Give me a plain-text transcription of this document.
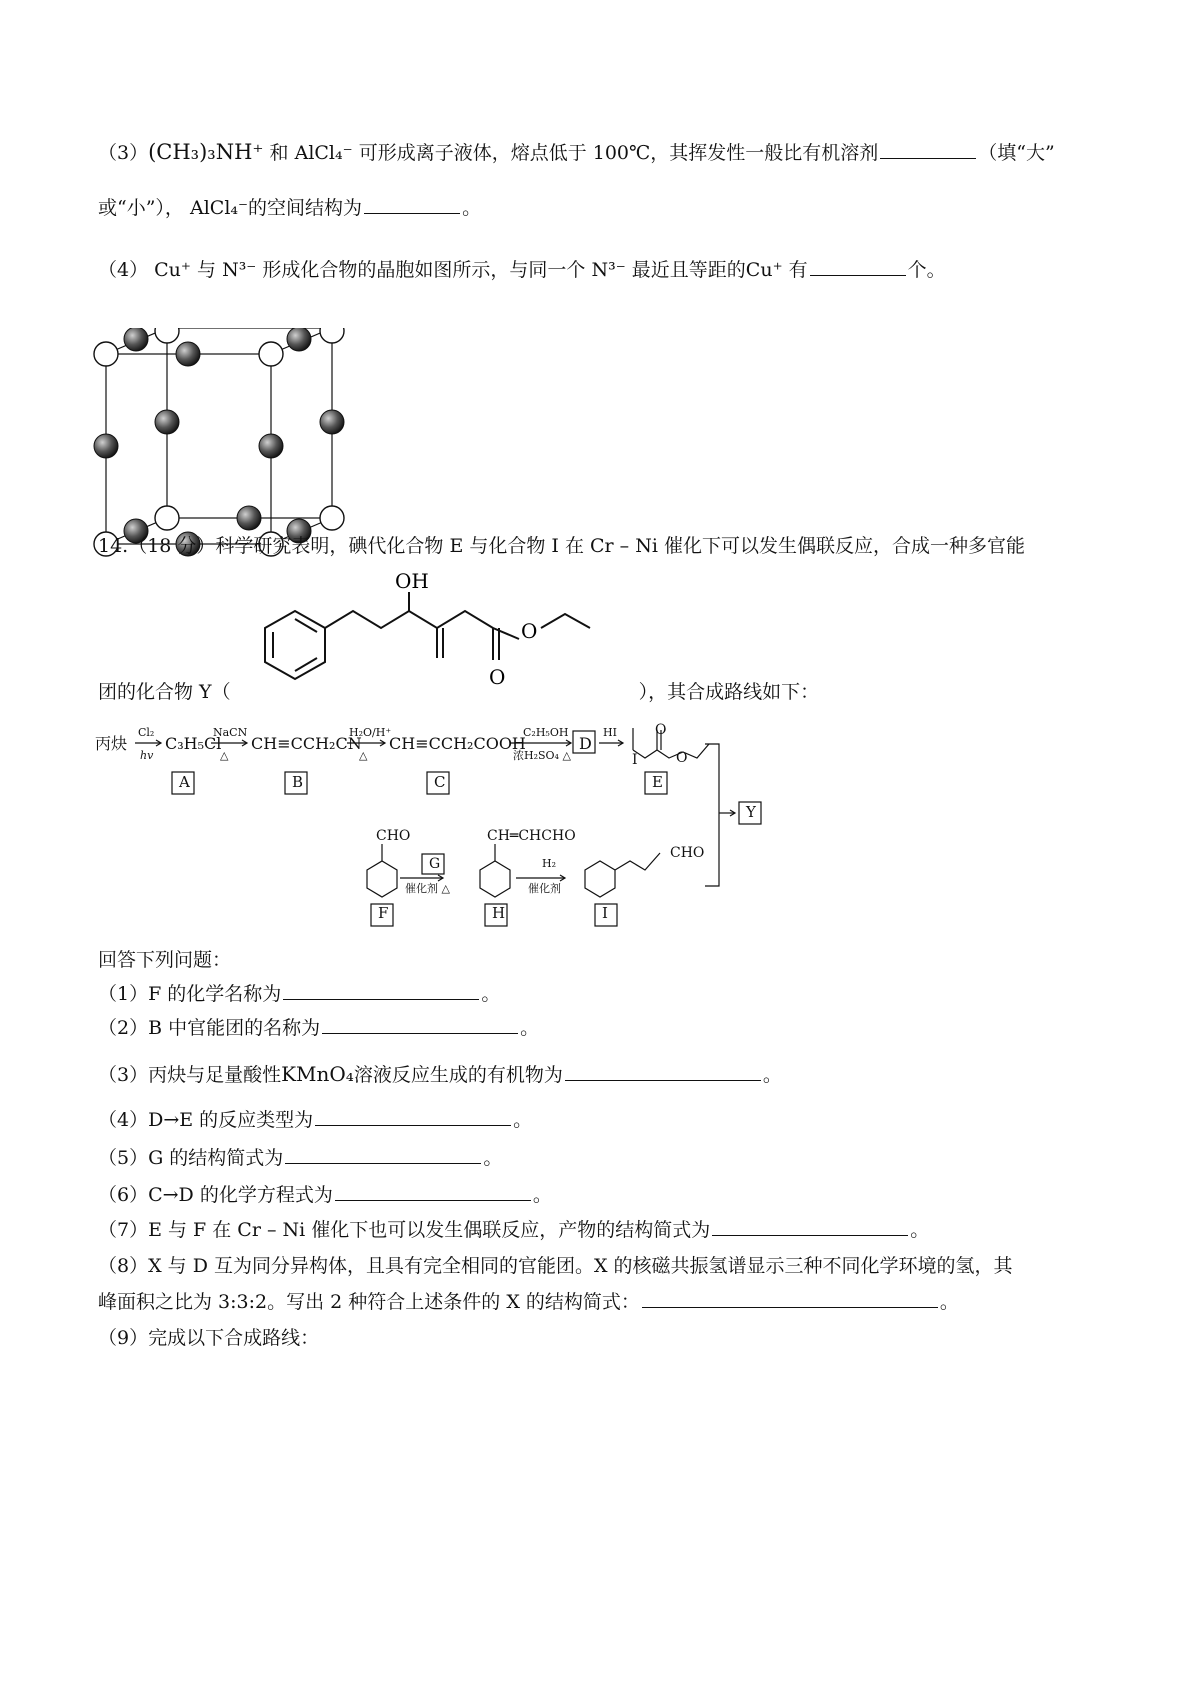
（3）(CH₃)₃NH⁺ 和 AlCl₄⁻ 可形成离子液体，熔点低于 100℃，其挥发性一般比有机溶剂	（填“大”
或“小”）， AlCl₄⁻的空间结构为	。
（4） Cu⁺ 与 N³⁻ 形成化合物的晶胞如图所示，与同一个 N³⁻ 最近且等距的Cu⁺ 有	个。
14.（18 分）科学研究表明，碘代化合物 E 与化合物 I 在 Cr – Ni 催化下可以发生偶联反应，合成一种多官能
OH
O
O
团的化合物 Y（	），其合成路线如下：
丙炔
Cl₂
hv
C₃H₅Cl
NaCN
△
CH≡CCH₂CN
H₂O/H⁺
△
CH≡CCH₂COOH
C₂H₅OH
浓H₂SO₄ △
D
HI
I
O
O
A	B	C	E
Y
CHO
G
催化剂 △
CH═CHCHO
H₂
催化剂
CHO
F	H	I
回答下列问题：
（1）F 的化学名称为	。
（2）B 中官能团的名称为	。
（3）丙炔与足量酸性KMnO₄溶液反应生成的有机物为	。
（4）D→E 的反应类型为	。
（5）G 的结构简式为	。
（6）C→D 的化学方程式为	。
（7）E 与 F 在 Cr – Ni 催化下也可以发生偶联反应，产物的结构简式为	。
（8）X 与 D 互为同分异构体，且具有完全相同的官能团。X 的核磁共振氢谱显示三种不同化学环境的氢，其
峰面积之比为 3:3:2。写出 2 种符合上述条件的 X 的结构简式：	。
（9）完成以下合成路线：
